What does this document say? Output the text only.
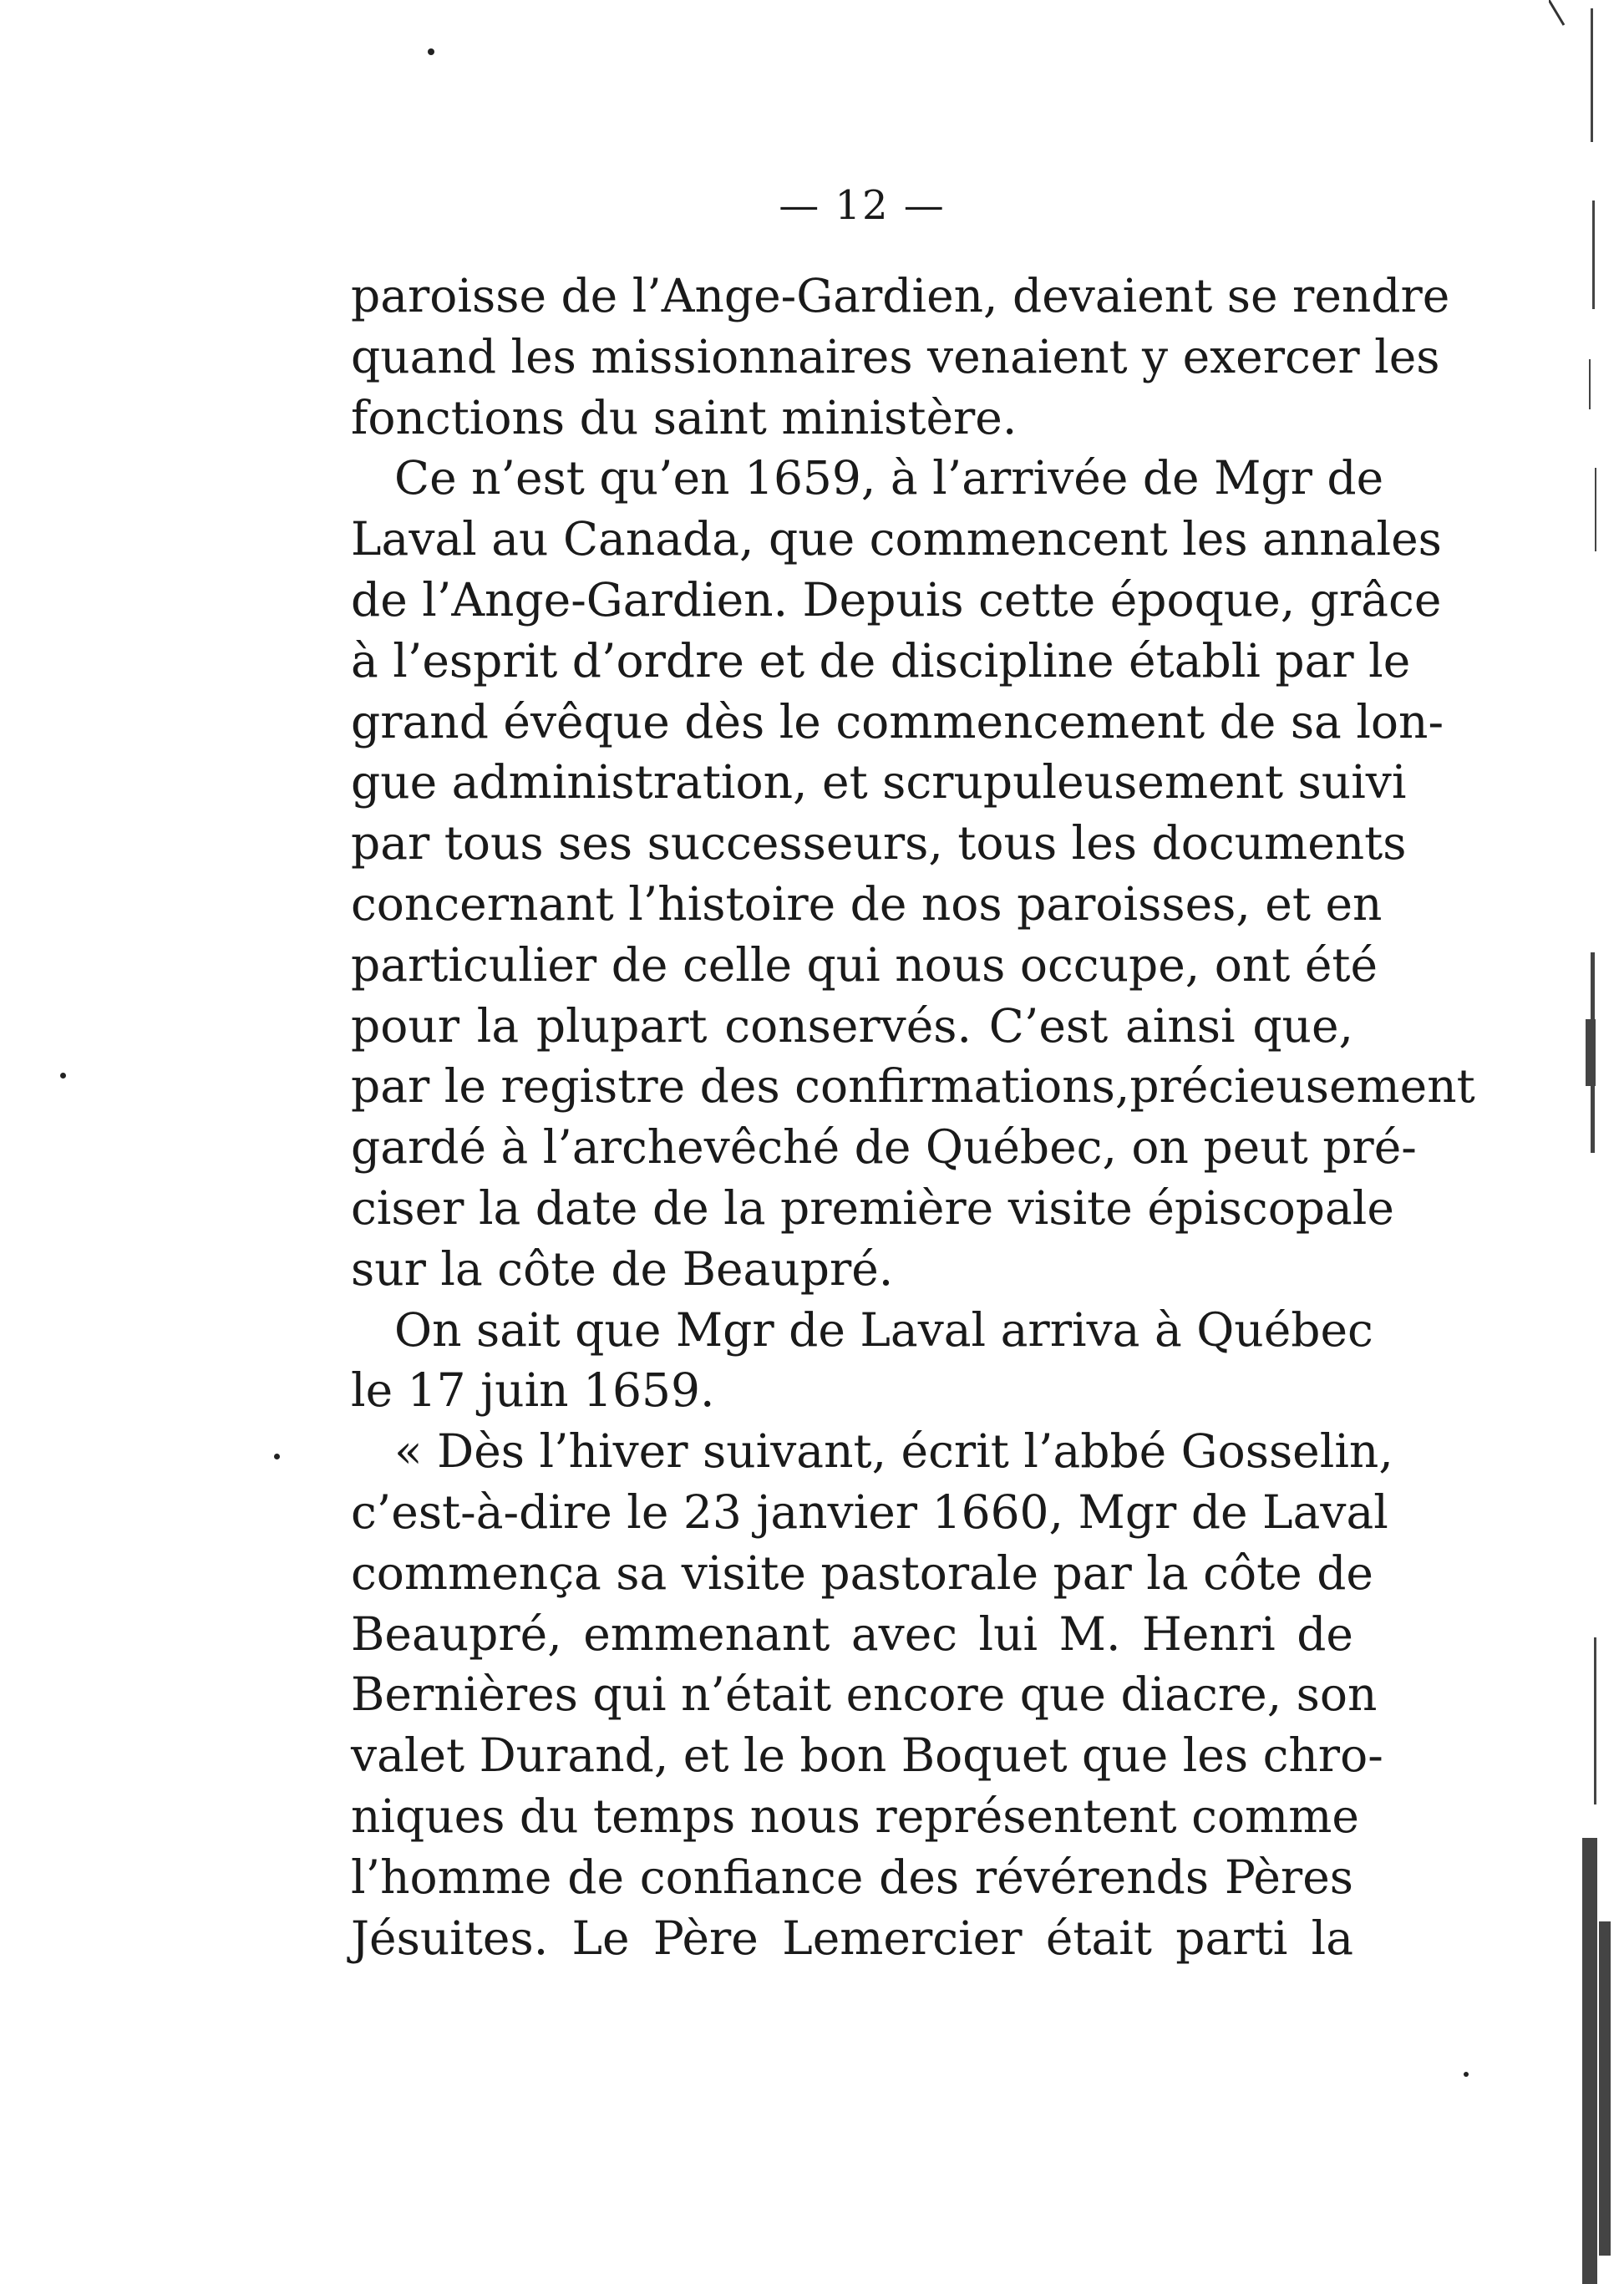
— 12 —
paroisse de l’Ange-Gardien, devaient se rendre
quand les missionnaires venaient y exercer les
fonctions du saint ministère.
Ce n’est qu’en 1659, à l’arrivée de Mgr de
Laval au Canada, que commencent les annales
de l’Ange-Gardien. Depuis cette époque, grâce
à l’esprit d’ordre et de discipline établi par le
grand évêque dès le commencement de sa lon-
gue administration, et scrupuleusement suivi
par tous ses successeurs, tous les documents
concernant l’histoire de nos paroisses, et en
particulier de celle qui nous occupe, ont été
pour la plupart conservés. C’est ainsi que,
par le registre des confirmations,précieusement
gardé à l’archevêché de Québec, on peut pré-
ciser la date de la première visite épiscopale
sur la côte de Beaupré.
On sait que Mgr de Laval arriva à Québec
le 17 juin 1659.
« Dès l’hiver suivant, écrit l’abbé Gosselin,
c’est-à-dire le 23 janvier 1660, Mgr de Laval
commença sa visite pastorale par la côte de
Beaupré, emmenant avec lui M. Henri de
Bernières qui n’était encore que diacre, son
valet Durand, et le bon Boquet que les chro-
niques du temps nous représentent comme
l’homme de confiance des révérends Pères
Jésuites. Le Père Lemercier était parti la
